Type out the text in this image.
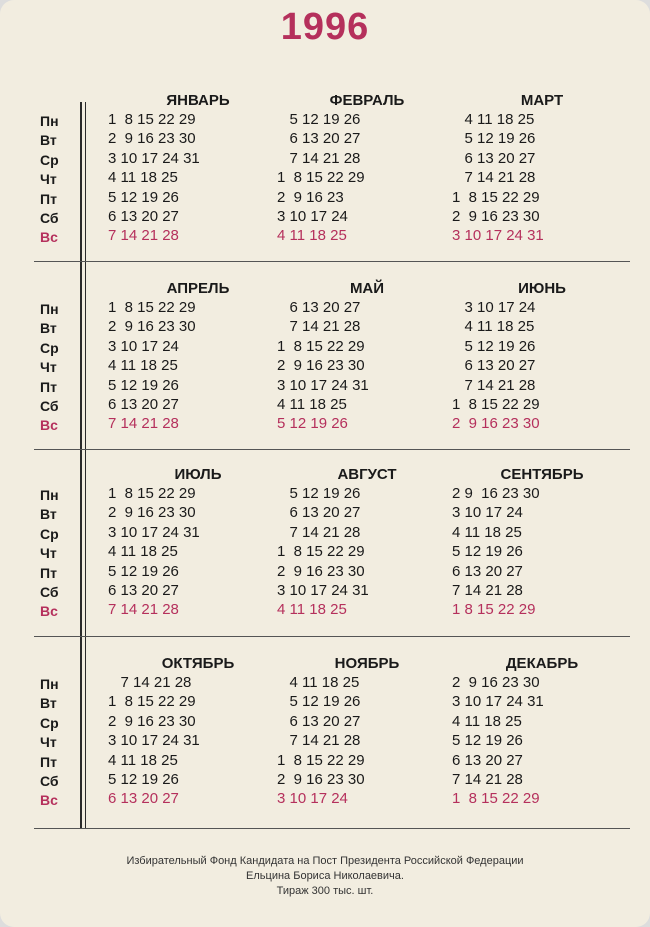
1996
Пн
Вт
Ср
Чт
Пт
Сб
Вс
ЯНВАРЬ
1  8 15 22 29
2  9 16 23 30
3 10 17 24 31
4 11 18 25
5 12 19 26
6 13 20 27
7 14 21 28
ФЕВРАЛЬ
5 12 19 26
6 13 20 27
7 14 21 28
1  8 15 22 29
2  9 16 23
3 10 17 24
4 11 18 25
МАРТ
4 11 18 25
5 12 19 26
6 13 20 27
7 14 21 28
1  8 15 22 29
2  9 16 23 30
3 10 17 24 31
Пн
Вт
Ср
Чт
Пт
Сб
Вс
АПРЕЛЬ
1  8 15 22 29
2  9 16 23 30
3 10 17 24
4 11 18 25
5 12 19 26
6 13 20 27
7 14 21 28
МАЙ
6 13 20 27
7 14 21 28
1  8 15 22 29
2  9 16 23 30
3 10 17 24 31
4 11 18 25
5 12 19 26
ИЮНЬ
3 10 17 24
4 11 18 25
5 12 19 26
6 13 20 27
7 14 21 28
1  8 15 22 29
2  9 16 23 30
Пн
Вт
Ср
Чт
Пт
Сб
Вс
ИЮЛЬ
1  8 15 22 29
2  9 16 23 30
3 10 17 24 31
4 11 18 25
5 12 19 26
6 13 20 27
7 14 21 28
АВГУСТ
5 12 19 26
6 13 20 27
7 14 21 28
1  8 15 22 29
2  9 16 23 30
3 10 17 24 31
4 11 18 25
СЕНТЯБРЬ
2 9  16 23 30
3 10 17 24
4 11 18 25
5 12 19 26
6 13 20 27
7 14 21 28
1 8 15 22 29
Пн
Вт
Ср
Чт
Пт
Сб
Вс
ОКТЯБРЬ
7 14 21 28
1  8 15 22 29
2  9 16 23 30
3 10 17 24 31
4 11 18 25
5 12 19 26
6 13 20 27
НОЯБРЬ
4 11 18 25
5 12 19 26
6 13 20 27
7 14 21 28
1  8 15 22 29
2  9 16 23 30
3 10 17 24
ДЕКАБРЬ
2  9 16 23 30
3 10 17 24 31
4 11 18 25
5 12 19 26
6 13 20 27
7 14 21 28
1  8 15 22 29
Избирательный Фонд Кандидата на Пост Президента Российской Федерации
Ельцина Бориса Николаевича.
Тираж 300 тыс. шт.
